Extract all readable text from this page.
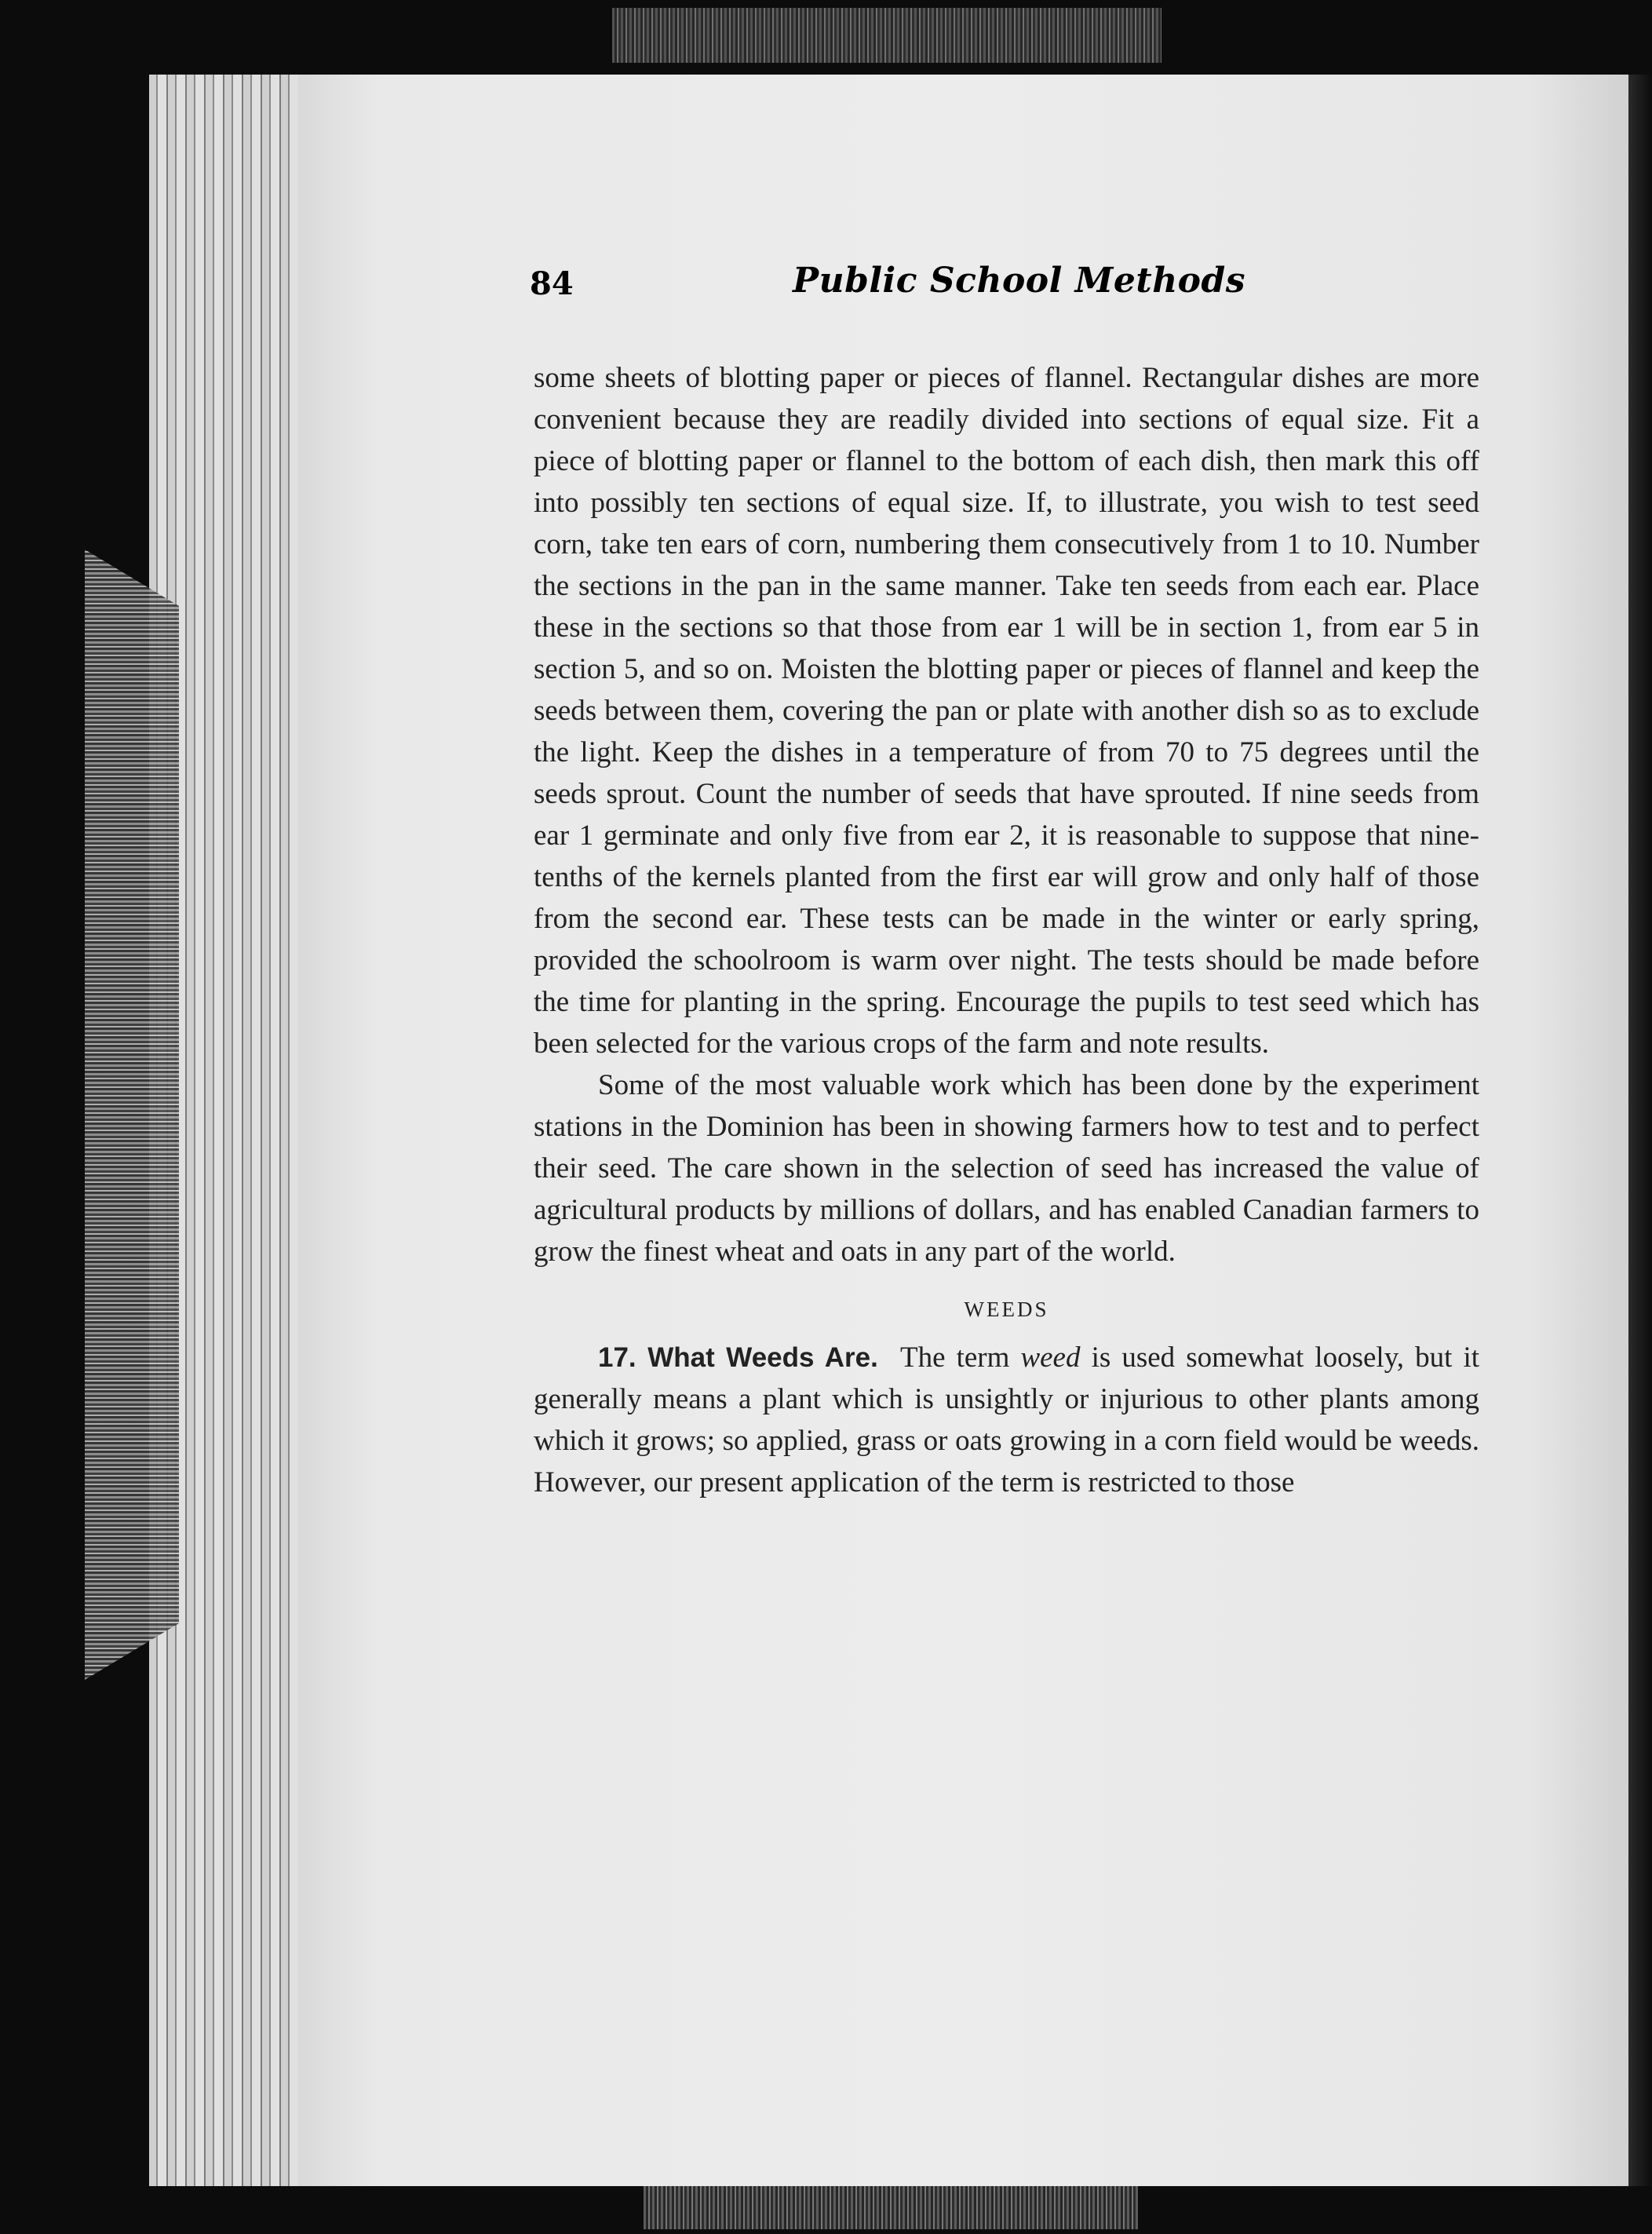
84	Public School Methods

some sheets of blotting paper or pieces of flannel. Rectangular dishes are more convenient because they are readily divided into sections of equal size. Fit a piece of blotting paper or flannel to the bottom of each dish, then mark this off into possibly ten sections of equal size. If, to illustrate, you wish to test seed corn, take ten ears of corn, numbering them consecutively from 1 to 10. Number the sections in the pan in the same manner. Take ten seeds from each ear. Place these in the sections so that those from ear 1 will be in section 1, from ear 5 in section 5, and so on. Moisten the blotting paper or pieces of flannel and keep the seeds between them, covering the pan or plate with another dish so as to exclude the light. Keep the dishes in a temperature of from 70 to 75 degrees until the seeds sprout. Count the number of seeds that have sprouted. If nine seeds from ear 1 germinate and only five from ear 2, it is reasonable to suppose that nine-tenths of the kernels planted from the first ear will grow and only half of those from the second ear. These tests can be made in the winter or early spring, provided the schoolroom is warm over night. The tests should be made before the time for planting in the spring. Encourage the pupils to test seed which has been selected for the various crops of the farm and note results.

Some of the most valuable work which has been done by the experiment stations in the Dominion has been in showing farmers how to test and to perfect their seed. The care shown in the selection of seed has increased the value of agricultural products by millions of dollars, and has enabled Canadian farmers to grow the finest wheat and oats in any part of the world.

WEEDS

17. What Weeds Are. The term weed is used somewhat loosely, but it generally means a plant which is unsightly or injurious to other plants among which it grows; so applied, grass or oats growing in a corn field would be weeds. However, our present application of the term is restricted to those
